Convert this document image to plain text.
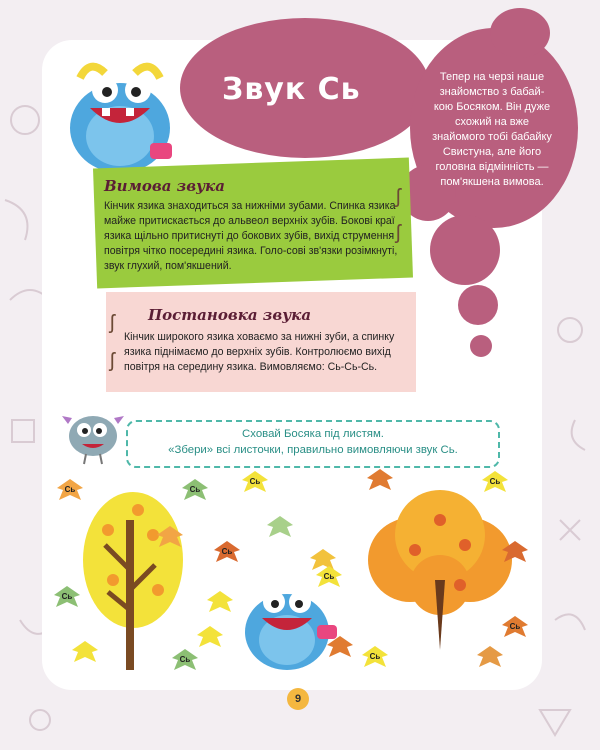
Звук Сь	Тепер на черзі наше знайомство з бабай-кою Босяком. Він дуже схожий на вже знайомого тобі бабайку Свистуна, але його головна відмінність — пом'якшена вимова.
Вимова звука
Кінчик язика знаходиться за нижніми зубами. Спинка язика майже притискається до альвеол верхніх зубів. Бокові краї язика щільно притиснуті до бокових зубів, вихід струмення повітря чітко посередині язика. Голо-сові зв'язки розімкнуті, звук глухий, пом'якшений.
ʃ
ʃ
Постановка звука
Кінчик широкого язика ховаємо за нижні зуби, а спинку язика піднімаємо до верхніх зубів. Контролюємо вихід повітря на середину язика. Вимовляємо: Сь-Сь-Сь.
ʃ
ʃ
Сховай Босяка під листям.
«Збери» всі листочки, правильно вимовляючи звук Сь.
Сь	Сь
Сь	Сь
Сь
Сь
Сь
Сь
Сь	Сь
9
